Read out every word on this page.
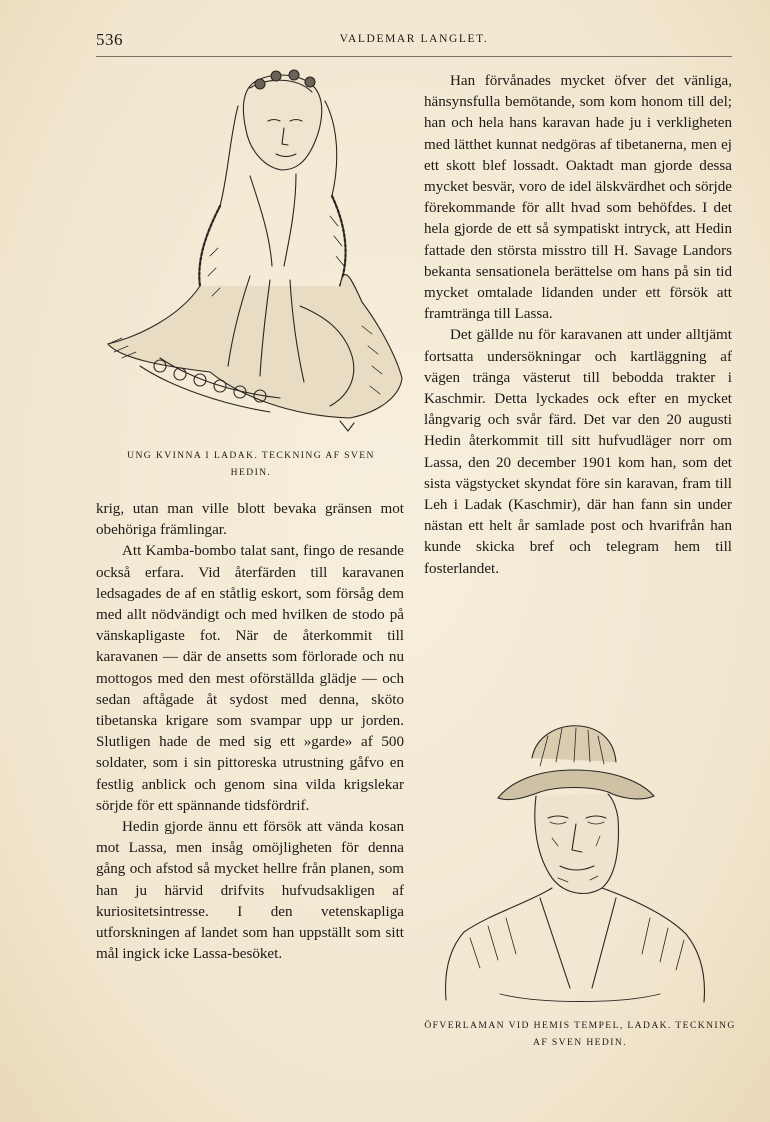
536	VALDEMAR LANGLET.
UNG KVINNA I LADAK. TECKNING AF SVEN HEDIN.

krig, utan man ville blott bevaka gränsen mot obehöriga främlingar.

Att Kamba-bombo talat sant, fingo de resande också erfara. Vid återfärden till karavanen ledsagades de af en ståtlig eskort, som försåg dem med allt nödvändigt och med hvilken de stodo på vänskapligaste fot. När de återkommit till karavanen — där de ansetts som förlorade och nu mottogos med den mest oförställda glädje — och sedan aftågade åt sydost med denna, sköto tibetanska krigare som svampar upp ur jorden. Slutligen hade de med sig ett »garde» af 500 soldater, som i sin pittoreska utrustning gåfvo en festlig anblick och genom sina vilda krigslekar sörjde för ett spännande tidsfördrif.

Hedin gjorde ännu ett försök att vända kosan mot Lassa, men insåg omöjligheten för denna gång och afstod så mycket hellre från planen, som han ju härvid drifvits hufvudsakligen af kuriositetsintresse. I den vetenskapliga utforskningen af landet som han uppställt som sitt mål ingick icke Lassa-besöket.

Han förvånades mycket öfver det vänliga, hänsynsfulla bemötande, som kom honom till del; han och hela hans karavan hade ju i verkligheten med lätthet kunnat nedgöras af tibetanerna, men ej ett skott blef lossadt. Oaktadt man gjorde dessa mycket besvär, voro de idel älskvärdhet och sörjde förekommande för allt hvad som behöfdes. I det hela gjorde de ett så sympatiskt intryck, att Hedin fattade den största misstro till H. Savage Landors bekanta sensationela berättelse om hans på sin tid mycket omtalade lidanden under ett försök att framtränga till Lassa.

Det gällde nu för karavanen att under alltjämt fortsatta undersökningar och kartläggning af vägen tränga västerut till bebodda trakter i Kaschmir. Detta lyckades ock efter en mycket långvarig och svår färd. Det var den 20 augusti Hedin återkommit till sitt hufvudläger norr om Lassa, den 20 december 1901 kom han, som det sista vägstycket skyndat före sin karavan, fram till Leh i Ladak (Kaschmir), där han fann sin under nästan ett helt år samlade post och hvarifrån han kunde skicka bref och telegram hem till fosterlandet.

ÖFVERLAMAN VID HEMIS TEMPEL, LADAK. TECKNING AF SVEN HEDIN.
